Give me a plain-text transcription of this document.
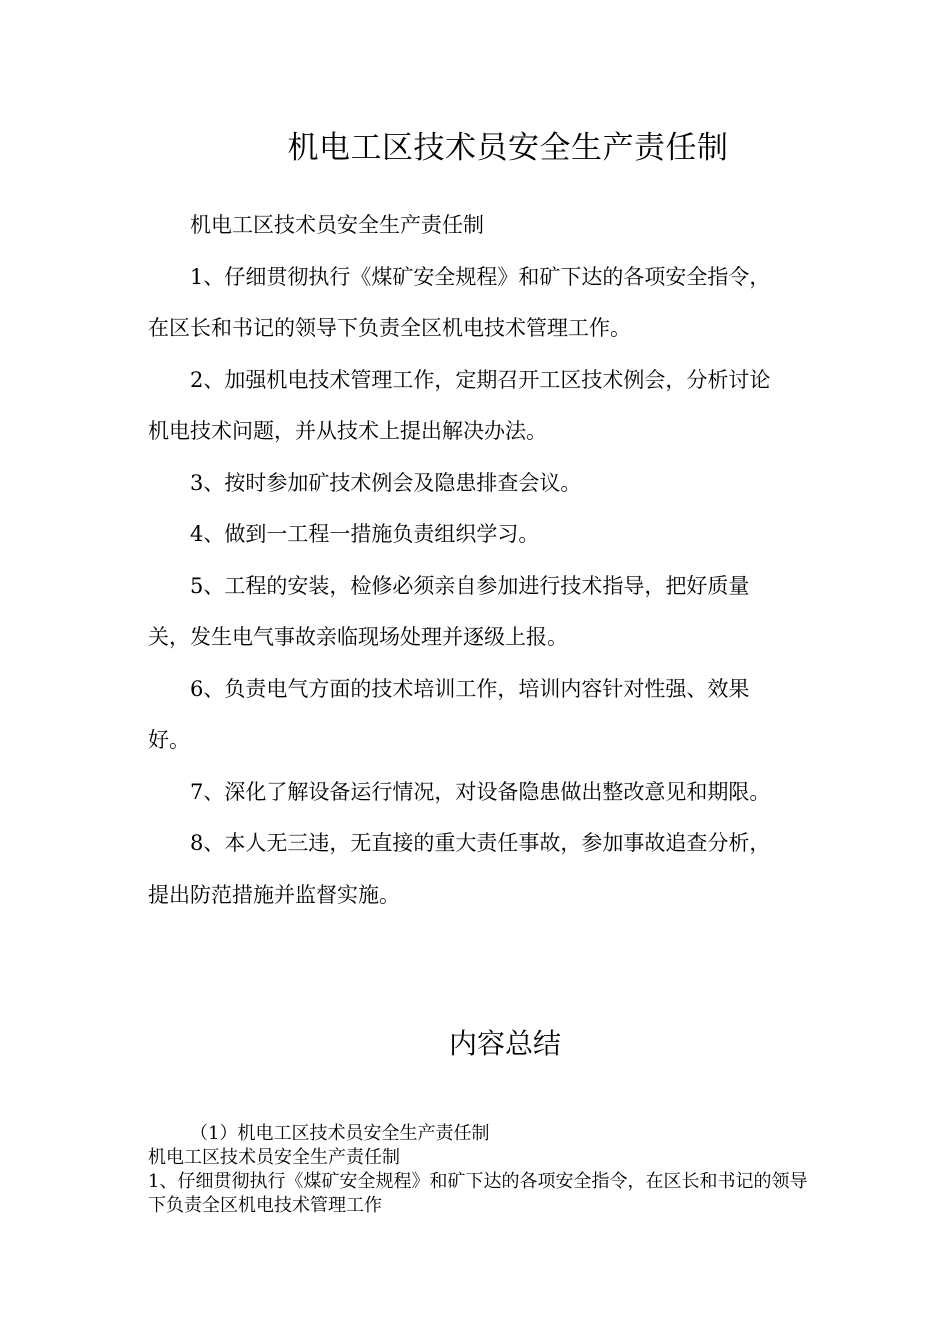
机电工区技术员安全生产责任制

机电工区技术员安全生产责任制

1、仔细贯彻执行《煤矿安全规程》和矿下达的各项安全指令，在区长和书记的领导下负责全区机电技术管理工作。

2、加强机电技术管理工作，定期召开工区技术例会，分析讨论机电技术问题，并从技术上提出解决办法。

3、按时参加矿技术例会及隐患排查会议。

4、做到一工程一措施负责组织学习。

5、工程的安装，检修必须亲自参加进行技术指导，把好质量关，发生电气事故亲临现场处理并逐级上报。

6、负责电气方面的技术培训工作，培训内容针对性强、效果好。

7、深化了解设备运行情况，对设备隐患做出整改意见和期限。

8、本人无三违，无直接的重大责任事故，参加事故追查分析，提出防范措施并监督实施。

内容总结

（1）机电工区技术员安全生产责任制

机电工区技术员安全生产责任制

1、仔细贯彻执行《煤矿安全规程》和矿下达的各项安全指令，在区长和书记的领导下负责全区机电技术管理工作
